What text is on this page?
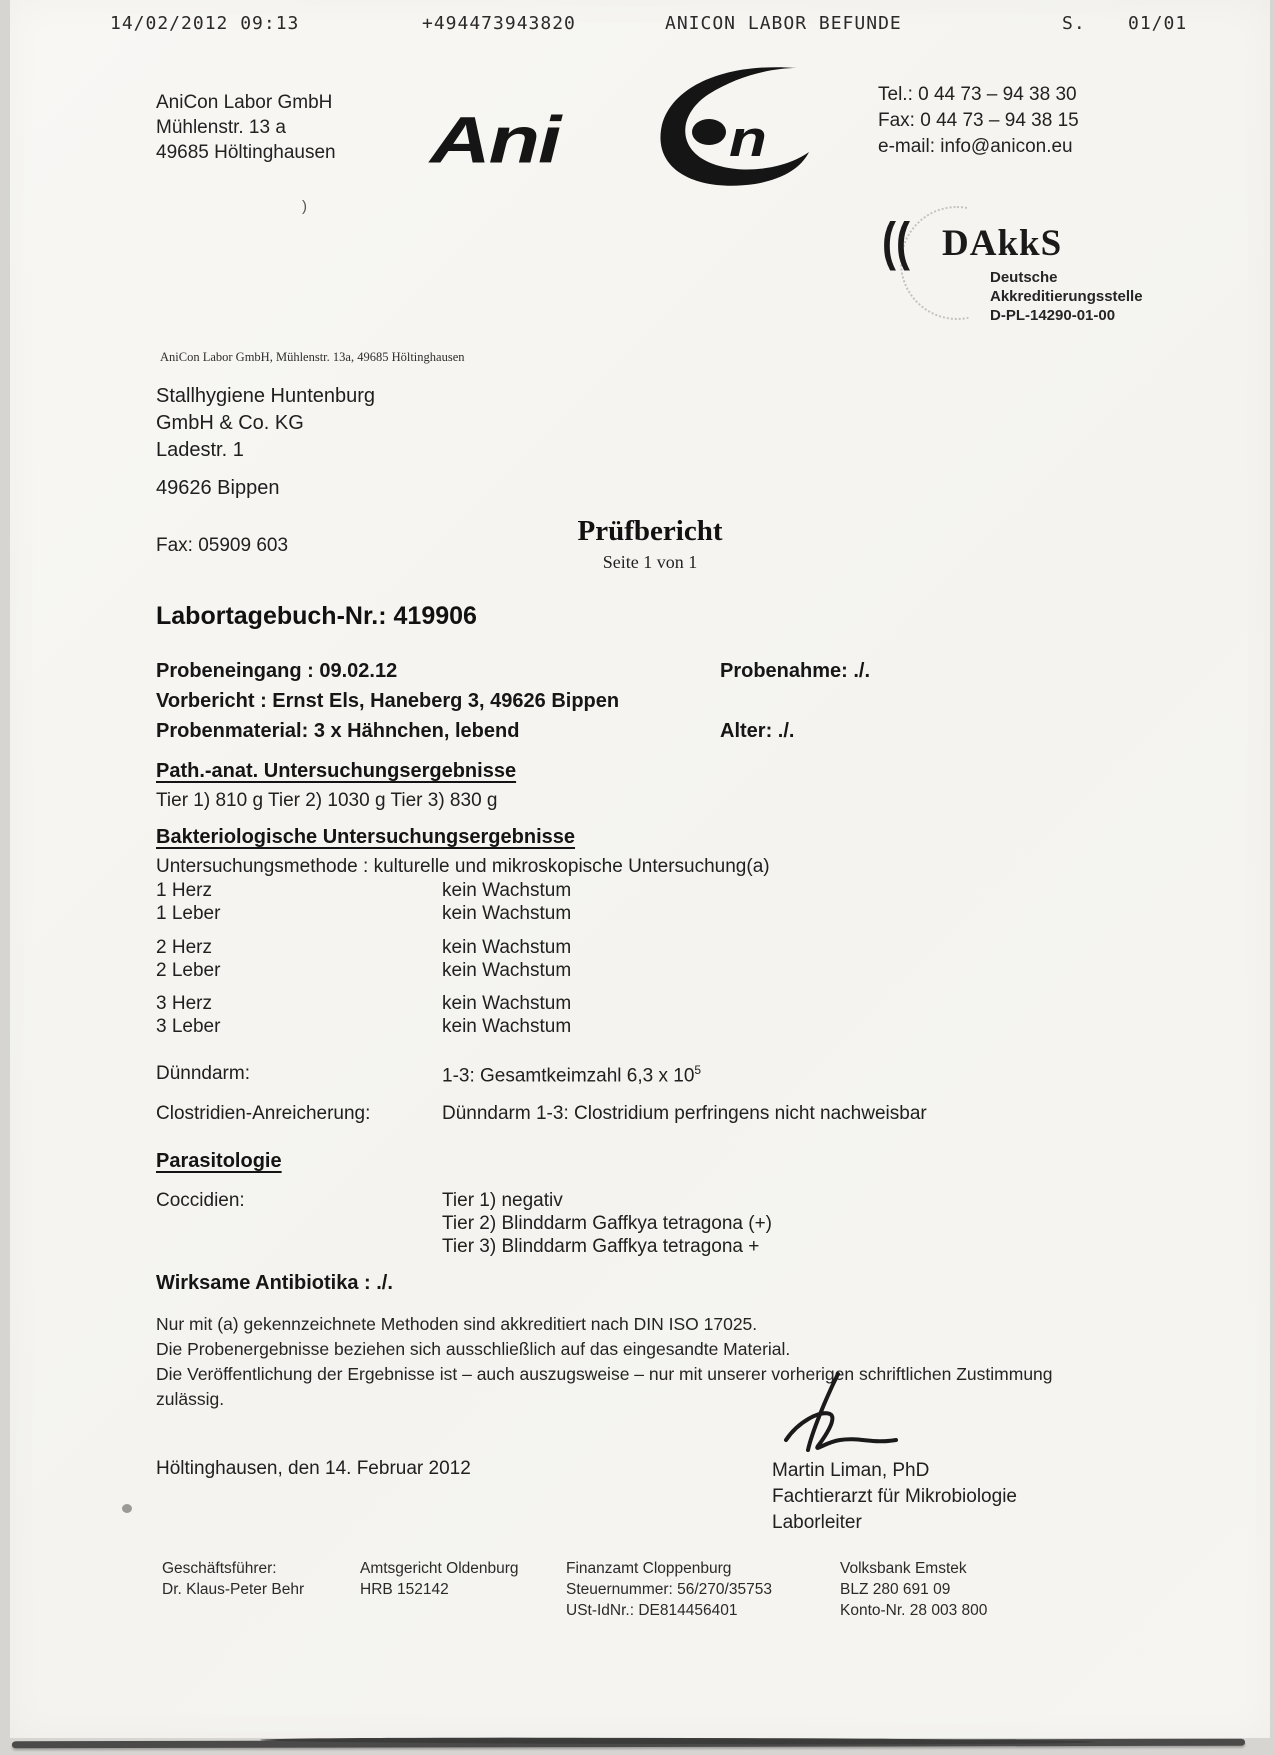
14/02/2012 09:13	+494473943820	ANICON LABOR BEFUNDE	S. 01/01
AniCon Labor GmbH
Mühlenstr. 13 a
49685 Höltinghausen
)
Ani	n
Tel.: 0 44 73 – 94 38 30
Fax: 0 44 73 – 94 38 15
e-mail: info@anicon.eu
(( DAkkS
Deutsche
Akkreditierungsstelle
D-PL-14290-01-00
AniCon Labor GmbH, Mühlenstr. 13a, 49685 Höltinghausen
Stallhygiene Huntenburg
GmbH & Co. KG
Ladestr. 1
49626 Bippen
Fax: 05909 603	Prüfbericht
Seite 1 von 1
Labortagebuch-Nr.: 419906
Probeneingang : 09.02.12
Vorbericht : Ernst Els, Haneberg 3, 49626 Bippen
Probenmaterial: 3 x Hähnchen, lebend
Probenahme: ./.
Alter: ./.
Path.-anat. Untersuchungsergebnisse
Tier 1) 810 g Tier 2) 1030 g Tier 3) 830 g
Bakteriologische Untersuchungsergebnisse
Untersuchungsmethode : kulturelle und mikroskopische Untersuchung(a)
1 Herz	kein Wachstum
1 Leber	kein Wachstum
2 Herz	kein Wachstum
2 Leber	kein Wachstum
3 Herz	kein Wachstum
3 Leber	kein Wachstum
Dünndarm:	1-3: Gesamtkeimzahl 6,3 x $10^5$
Clostridien-Anreicherung:	Dünndarm 1-3: Clostridium perfringens nicht nachweisbar
Parasitologie
Coccidien:	Tier 1) negativ
Tier 2) Blinddarm Gaffkya tetragona (+)
Tier 3) Blinddarm Gaffkya tetragona +
Wirksame Antibiotika : ./.
Nur mit (a) gekennzeichnete Methoden sind akkreditiert nach DIN ISO 17025.
Die Probenergebnisse beziehen sich ausschließlich auf das eingesandte Material.
Die Veröffentlichung der Ergebnisse ist – auch auszugsweise – nur mit unserer vorherigen schriftlichen Zustimmung
zulässig.
Höltinghausen, den 14. Februar 2012	Martin Liman, PhD
Fachtierarzt für Mikrobiologie
Laborleiter
Geschäftsführer:
Dr. Klaus-Peter Behr
Amtsgericht Oldenburg
HRB 152142
Finanzamt Cloppenburg
Steuernummer: 56/270/35753
USt-IdNr.: DE814456401
Volksbank Emstek
BLZ 280 691 09
Konto-Nr. 28 003 800
